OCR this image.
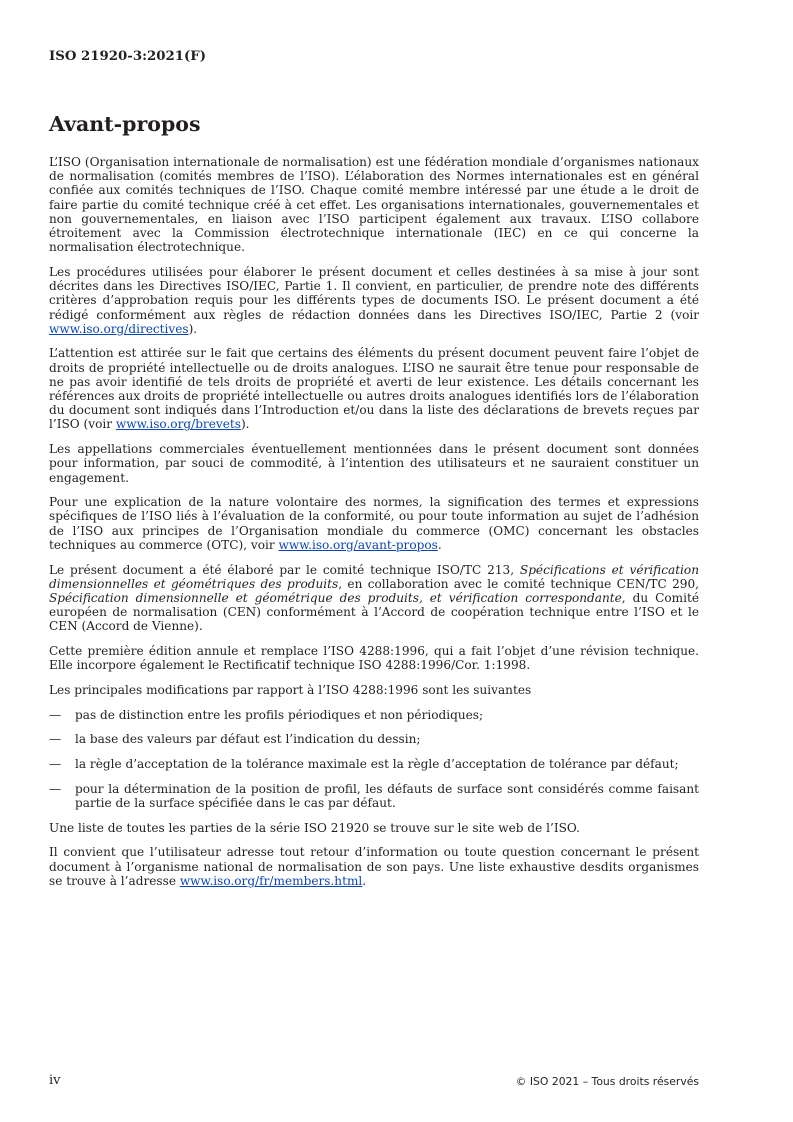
ISO 21920-3:2021(F)
Avant-propos

L’ISO (Organisation internationale de normalisation) est une fédération mondiale d’organismes nationaux de normalisation (comités membres de l’ISO). L’élaboration des Normes internationales est en général confiée aux comités techniques de l’ISO. Chaque comité membre intéressé par une étude a le droit de faire partie du comité technique créé à cet effet. Les organisations internationales, gouvernementales et non gouvernementales, en liaison avec l’ISO participent également aux travaux. L’ISO collabore étroitement avec la Commission électrotechnique internationale (IEC) en ce qui concerne la normalisation électrotechnique.

Les procédures utilisées pour élaborer le présent document et celles destinées à sa mise à jour sont décrites dans les Directives ISO/IEC, Partie 1. Il convient, en particulier, de prendre note des différents critères d’approbation requis pour les différents types de documents ISO. Le présent document a été rédigé conformément aux règles de rédaction données dans les Directives ISO/IEC, Partie 2 (voir www.iso.org/directives).

L’attention est attirée sur le fait que certains des éléments du présent document peuvent faire l’objet de droits de propriété intellectuelle ou de droits analogues. L’ISO ne saurait être tenue pour responsable de ne pas avoir identifié de tels droits de propriété et averti de leur existence. Les détails concernant les références aux droits de propriété intellectuelle ou autres droits analogues identifiés lors de l’élaboration du document sont indiqués dans l’Introduction et/ou dans la liste des déclarations de brevets reçues par l’ISO (voir www.iso.org/brevets).

Les appellations commerciales éventuellement mentionnées dans le présent document sont données pour information, par souci de commodité, à l’intention des utilisateurs et ne sauraient constituer un engagement.

Pour une explication de la nature volontaire des normes, la signification des termes et expressions spécifiques de l’ISO liés à l’évaluation de la conformité, ou pour toute information au sujet de l’adhésion de l’ISO aux principes de l’Organisation mondiale du commerce (OMC) concernant les obstacles techniques au commerce (OTC), voir www.iso.org/avant-propos.

Le présent document a été élaboré par le comité technique ISO/TC 213, Spécifications et vérification dimensionnelles et géométriques des produits, en collaboration avec le comité technique CEN/TC 290, Spécification dimensionnelle et géométrique des produits, et vérification correspondante, du Comité européen de normalisation (CEN) conformément à l’Accord de coopération technique entre l’ISO et le CEN (Accord de Vienne).

Cette première édition annule et remplace l’ISO 4288:1996, qui a fait l’objet d’une révision technique. Elle incorpore également le Rectificatif technique ISO 4288:1996/Cor. 1:1998.

Les principales modifications par rapport à l’ISO 4288:1996 sont les suivantes

—	pas de distinction entre les profils périodiques et non périodiques;
—	la base des valeurs par défaut est l’indication du dessin;
—	la règle d’acceptation de la tolérance maximale est la règle d’acceptation de tolérance par défaut;
—	pour la détermination de la position de profil, les défauts de surface sont considérés comme faisant partie de la surface spécifiée dans le cas par défaut.

Une liste de toutes les parties de la série ISO 21920 se trouve sur le site web de l’ISO.

Il convient que l’utilisateur adresse tout retour d’information ou toute question concernant le présent document à l’organisme national de normalisation de son pays. Une liste exhaustive desdits organismes se trouve à l’adresse www.iso.org/fr/members.html.

iv	© ISO 2021 – Tous droits réservés
